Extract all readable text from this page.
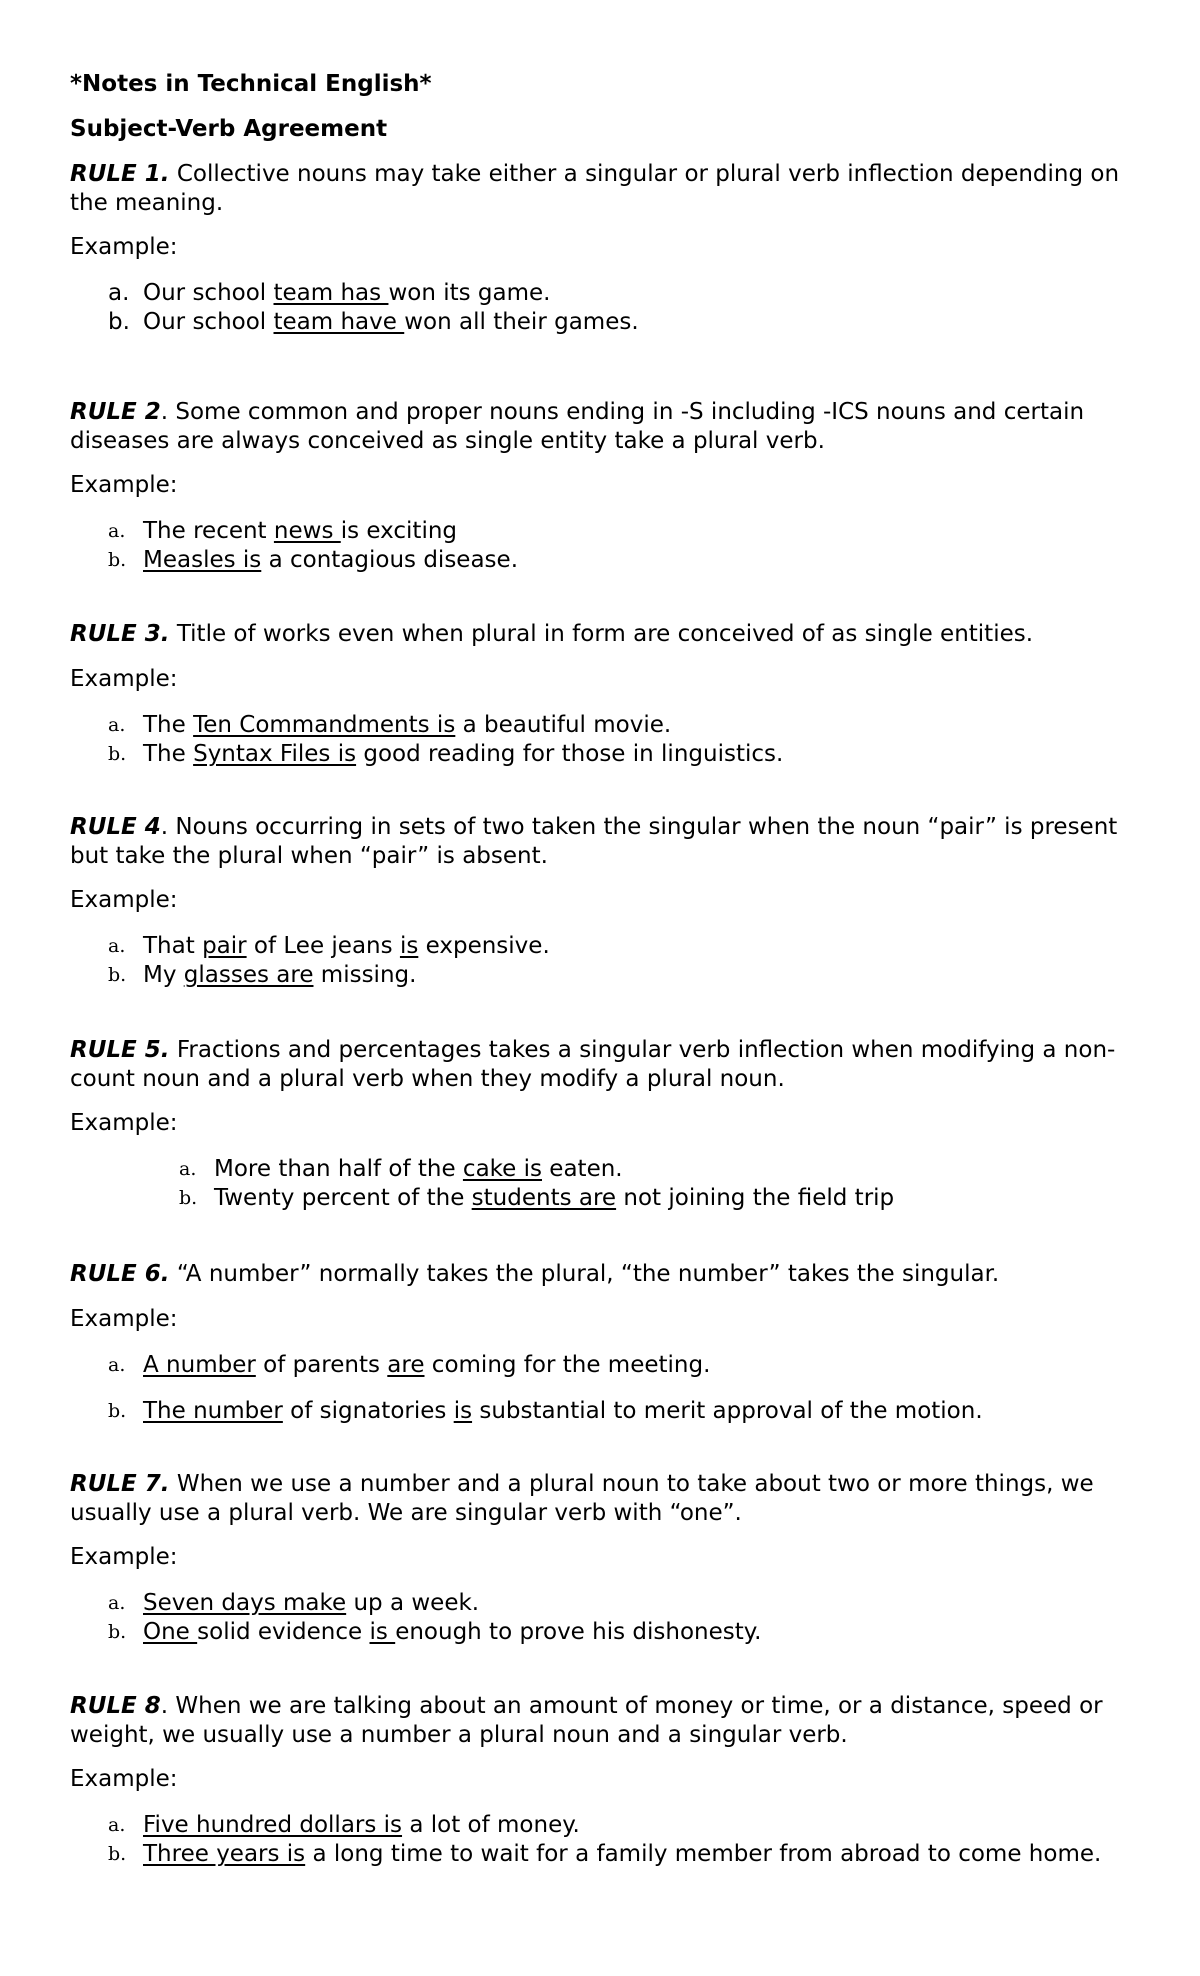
*Notes in Technical English*
Subject-Verb Agreement
RULE 1. Collective nouns may take either a singular or plural verb inflection depending on the meaning.
Example:
a. Our school team has won its game.
b. Our school team have won all their games.
RULE 2. Some common and proper nouns ending in -S including -ICS nouns and certain diseases are always conceived as single entity take a plural verb.
Example:
a. The recent news is exciting
b. Measles is a contagious disease.
RULE 3. Title of works even when plural in form are conceived of as single entities.
Example:
a. The Ten Commandments is a beautiful movie.
b. The Syntax Files is good reading for those in linguistics.
RULE 4. Nouns occurring in sets of two taken the singular when the noun “pair” is present but take the plural when “pair” is absent.
Example:
a. That pair of Lee jeans is expensive.
b. My glasses are missing.
RULE 5. Fractions and percentages takes a singular verb inflection when modifying a non-count noun and a plural verb when they modify a plural noun.
Example:
a. More than half of the cake is eaten.
b. Twenty percent of the students are not joining the field trip
RULE 6. “A number” normally takes the plural, “the number” takes the singular.
Example:
a. A number of parents are coming for the meeting.
b. The number of signatories is substantial to merit approval of the motion.
RULE 7. When we use a number and a plural noun to take about two or more things, we usually use a plural verb. We are singular verb with “one”.
Example:
a. Seven days make up a week.
b. One solid evidence is enough to prove his dishonesty.
RULE 8. When we are talking about an amount of money or time, or a distance, speed or weight, we usually use a number a plural noun and a singular verb.
Example:
a. Five hundred dollars is a lot of money.
b. Three years is a long time to wait for a family member from abroad to come home.
